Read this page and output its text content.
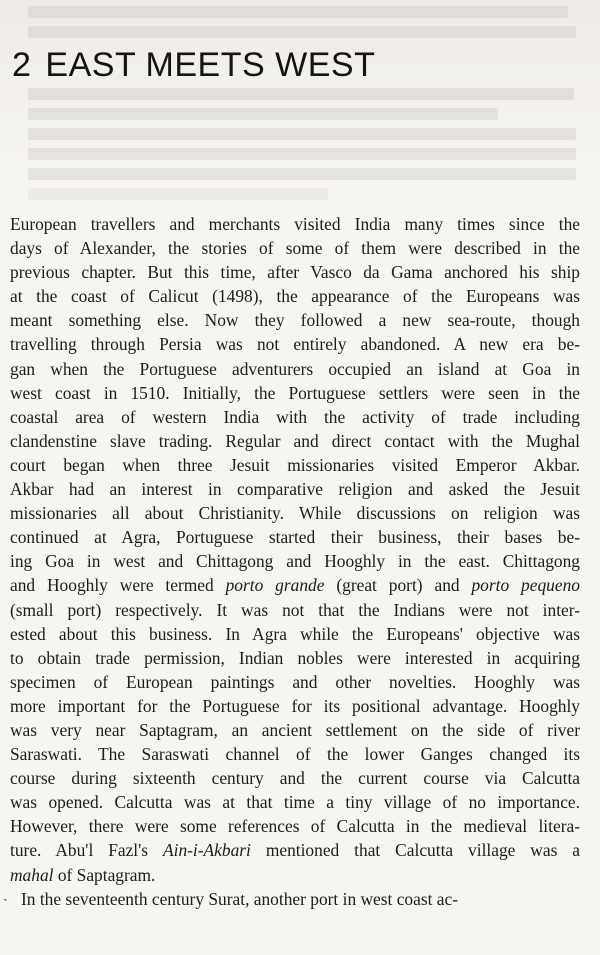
2 EAST MEETS WEST
European travellers and merchants visited India many times since the
days of Alexander, the stories of some of them were described in the
previous chapter. But this time, after Vasco da Gama anchored his ship
at the coast of Calicut (1498), the appearance of the Europeans was
meant something else. Now they followed a new sea-route, though
travelling through Persia was not entirely abandoned. A new era be-
gan when the Portuguese adventurers occupied an island at Goa in
west coast in 1510. Initially, the Portuguese settlers were seen in the
coastal area of western India with the activity of trade including
clandenstine slave trading. Regular and direct contact with the Mughal
court began when three Jesuit missionaries visited Emperor Akbar.
Akbar had an interest in comparative religion and asked the Jesuit
missionaries all about Christianity. While discussions on religion was
continued at Agra, Portuguese started their business, their bases be-
ing Goa in west and Chittagong and Hooghly in the east. Chittagong
and Hooghly were termed porto grande (great port) and porto pequeno
(small port) respectively. It was not that the Indians were not inter-
ested about this business. In Agra while the Europeans' objective was
to obtain trade permission, Indian nobles were interested in acquiring
specimen of European paintings and other novelties. Hooghly was
more important for the Portuguese for its positional advantage. Hooghly
was very near Saptagram, an ancient settlement on the side of river
Saraswati. The Saraswati channel of the lower Ganges changed its
course during sixteenth century and the current course via Calcutta
was opened. Calcutta was at that time a tiny village of no importance.
However, there were some references of Calcutta in the medieval litera-
ture. Abu'l Fazl's Ain-i-Akbari mentioned that Calcutta village was a
mahal of Saptagram.
ˎ In the seventeenth century Surat, another port in west coast ac-
